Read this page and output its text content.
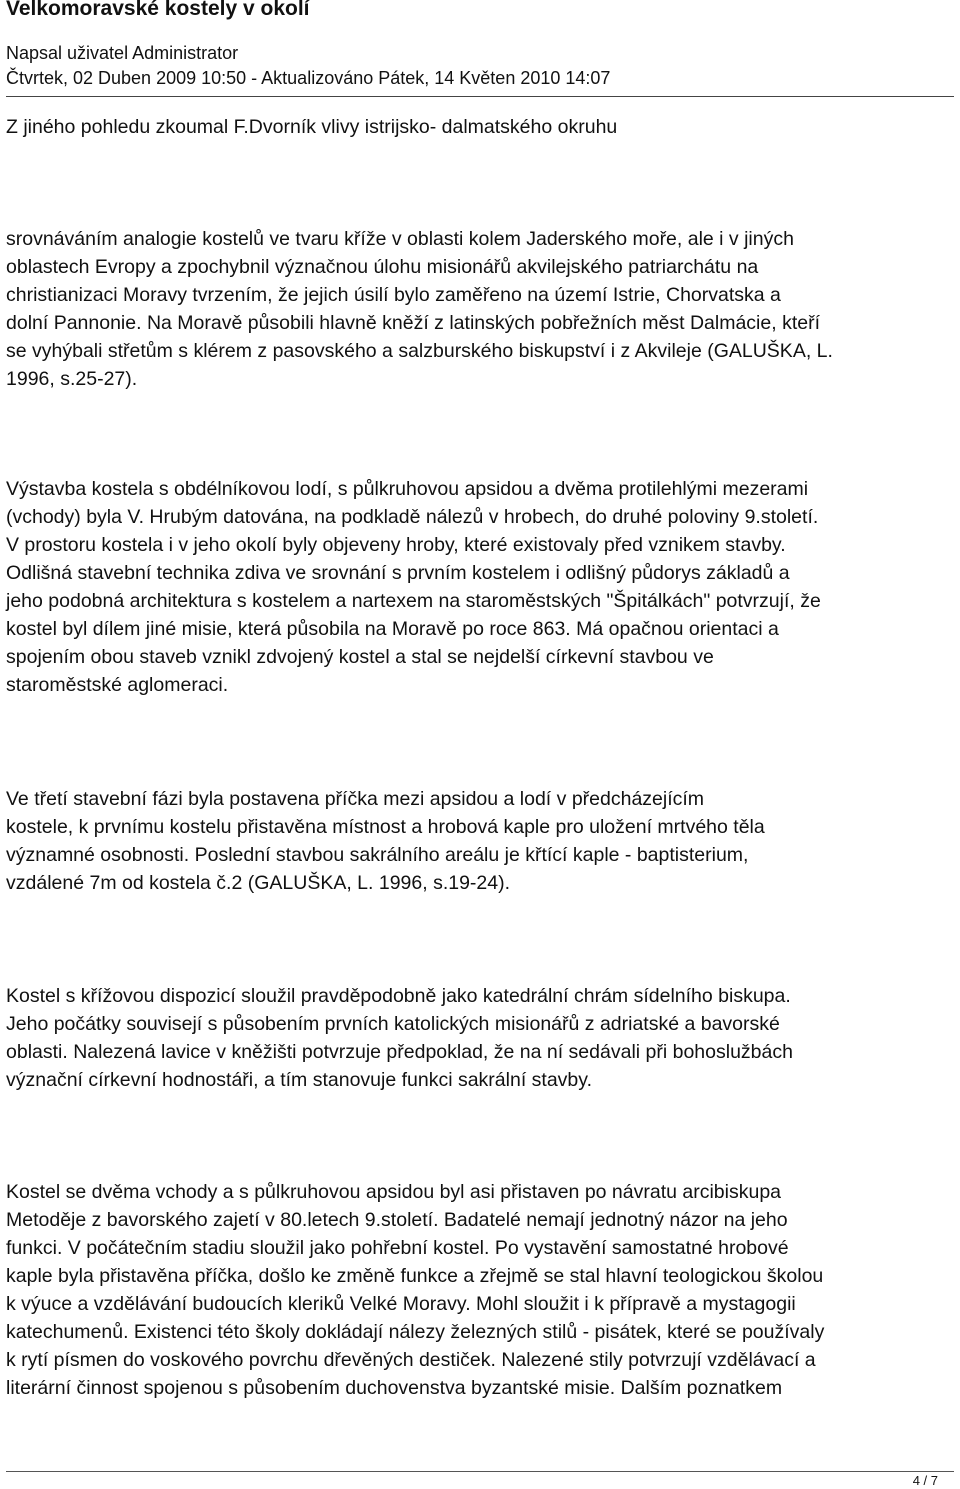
Velkomoravské kostely v okolí
Napsal uživatel Administrator
Čtvrtek, 02 Duben 2009 10:50 - Aktualizováno Pátek, 14 Květen 2010 14:07
Z jiného pohledu zkoumal F.Dvorník vlivy istrijsko- dalmatského okruhu
srovnáváním analogie kostelů ve tvaru kříže v oblasti kolem Jaderského moře, ale i v jiných
oblastech Evropy a zpochybnil význačnou úlohu misionářů akvilejského patriarchátu na
christianizaci Moravy tvrzením, že jejich úsilí bylo zaměřeno na území Istrie, Chorvatska a
dolní Pannonie. Na Moravě působili hlavně kněží z latinských pobřežních měst Dalmácie, kteří
se vyhýbali střetům s klérem z pasovského a salzburského biskupství i z Akvileje (GALUŠKA, L.
1996, s.25-27).
Výstavba kostela s obdélníkovou lodí, s půlkruhovou apsidou a dvěma protilehlými mezerami
(vchody) byla V. Hrubým datována, na podkladě nálezů v hrobech, do druhé poloviny 9.století.
V prostoru kostela i v jeho okolí byly objeveny hroby, které existovaly před vznikem stavby.
Odlišná stavební technika zdiva ve srovnání s prvním kostelem i odlišný půdorys základů a
jeho podobná architektura s kostelem a nartexem na staroměstských "Špitálkách" potvrzují, že
kostel byl dílem jiné misie, která působila na Moravě po roce 863. Má opačnou orientaci a
spojením obou staveb vznikl zdvojený kostel a stal se nejdelší církevní stavbou ve
staroměstské aglomeraci.
Ve třetí stavební fázi byla postavena příčka mezi apsidou a lodí v předcházejícím
kostele, k prvnímu kostelu přistavěna místnost a hrobová kaple pro uložení mrtvého těla
významné osobnosti. Poslední stavbou sakrálního areálu je křtící kaple - baptisterium,
vzdálené 7m od kostela č.2 (GALUŠKA, L. 1996, s.19-24).
Kostel s křížovou dispozicí sloužil pravděpodobně jako katedrální chrám sídelního biskupa.
Jeho počátky souvisejí s působením prvních katolických misionářů z adriatské a bavorské
oblasti. Nalezená lavice v kněžišti potvrzuje předpoklad, že na ní sedávali při bohoslužbách
význační církevní hodnostáři, a tím stanovuje funkci sakrální stavby.
Kostel se dvěma vchody a s půlkruhovou apsidou byl asi přistaven po návratu arcibiskupa
Metoděje z bavorského zajetí v 80.letech 9.století. Badatelé nemají jednotný názor na jeho
funkci. V počátečním stadiu sloužil jako pohřební kostel. Po vystavění samostatné hrobové
kaple byla přistavěna příčka, došlo ke změně funkce a zřejmě se stal hlavní teologickou školou
k výuce a vzdělávání budoucích kleriků Velké Moravy. Mohl sloužit i k přípravě a mystagogii
katechumenů. Existenci této školy dokládají nálezy železných stilů - pisátek, které se používaly
k rytí písmen do voskového povrchu dřevěných destiček. Nalezené stily potvrzují vzdělávací a
literární činnost spojenou s působením duchovenstva byzantské misie. Dalším poznatkem
4 / 7
